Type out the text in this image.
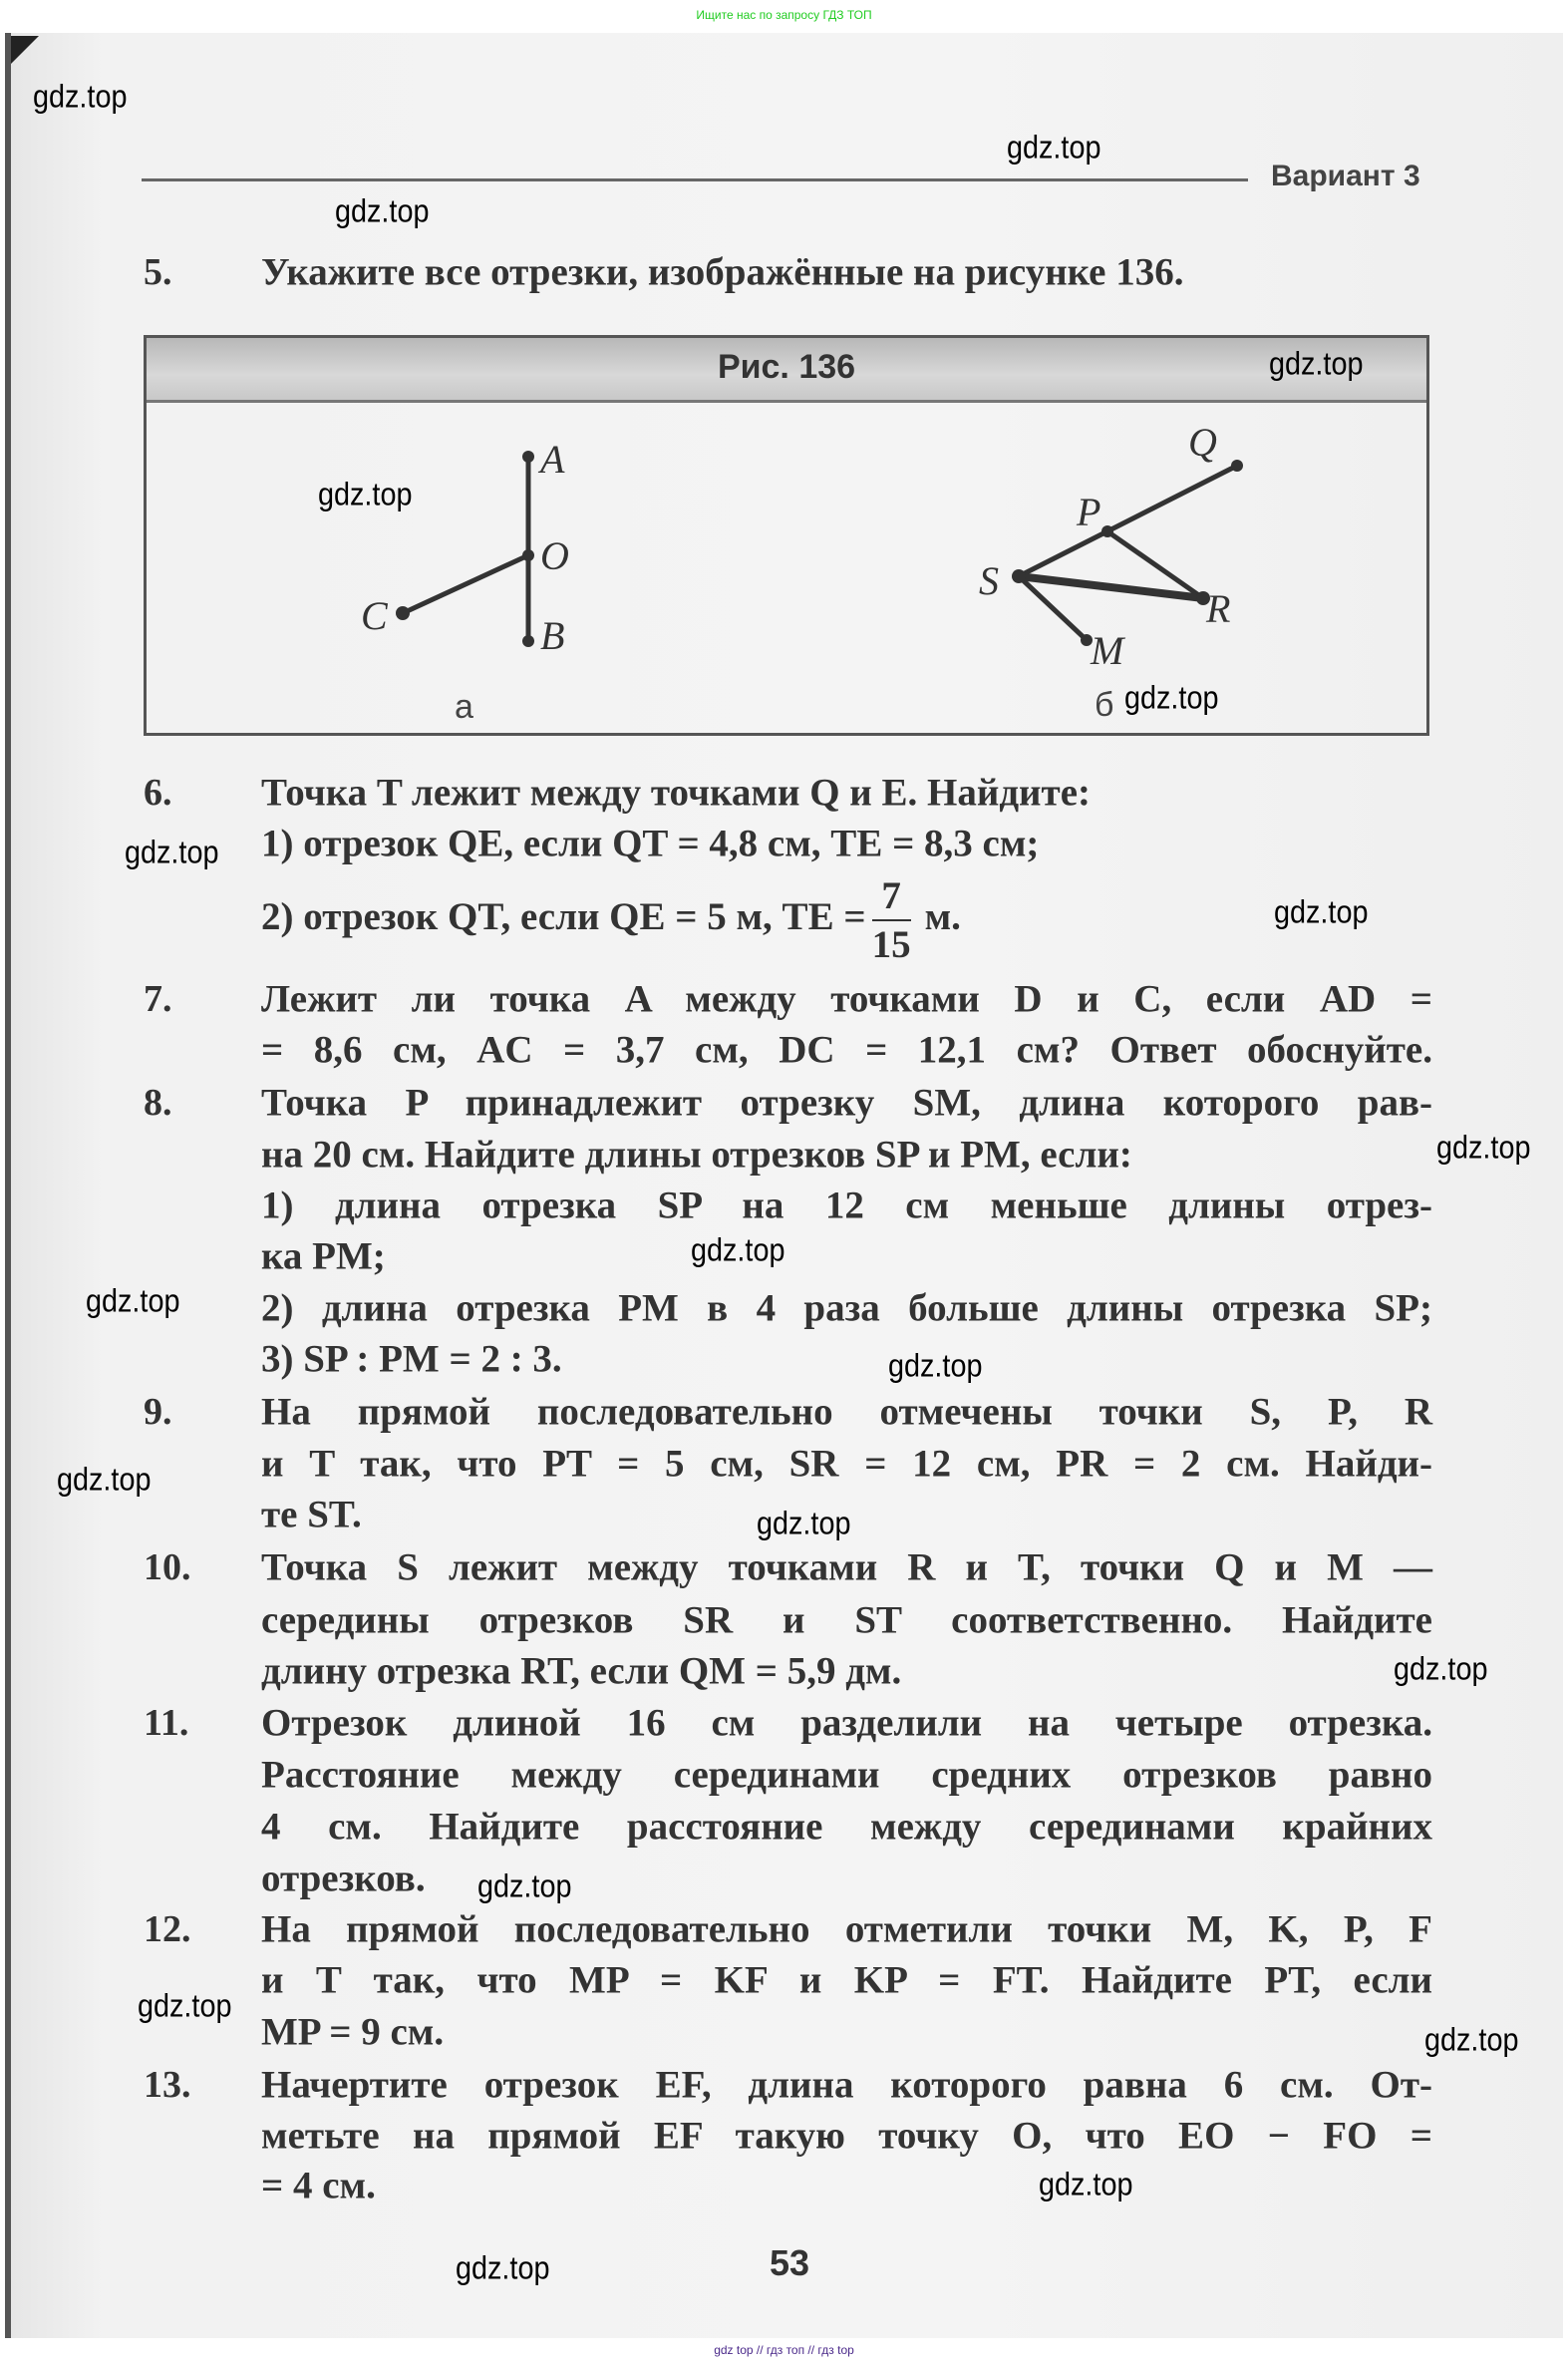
Ищите нас по запросу ГДЗ ТОП
Вариант 3
5. Укажите все отрезки, изображённые на рисунке 136.
Рис. 136
A
O
B
C
а
Q
P
S
R
M
б
6. Точка T лежит между точками Q и E. Найдите:
1) отрезок QE, если QT = 4,8 см, TE = 8,3 см;
2) отрезок QT, если QE = 5 м, TE = $\frac{7}{15} м$.
7. Лежит ли точка A между точками D и C, если AD =
= 8,6 см, AC = 3,7 см, DC = 12,1 см? Ответ обоснуйте.
8. Точка P принадлежит отрезку SM, длина которого рав-
на 20 см. Найдите длины отрезков SP и PM, если:
1) длина отрезка SP на 12 см меньше длины отрез-
ка PM;
2) длина отрезка PM в 4 раза больше длины отрезка SP;
3) SP : PM = 2 : 3.
9. На прямой последовательно отмечены точки S, P, R
и T так, что PT = 5 см, SR = 12 см, PR = 2 см. Найди-
те ST.
10. Точка S лежит между точками R и T, точки Q и M —
середины отрезков SR и ST соответственно. Найдите
длину отрезка RT, если QM = 5,9 дм.
11. Отрезок длиной 16 см разделили на четыре отрезка.
Расстояние между серединами средних отрезков равно
4 см. Найдите расстояние между серединами крайних
отрезков.
12. На прямой последовательно отметили точки M, K, P, F
и T так, что MP = KF и KP = FT. Найдите PT, если
MP = 9 см.
13. Начертите отрезок EF, длина которого равна 6 см. От-
метьте на прямой EF такую точку O, что EO − FO =
= 4 см.
53
gdz.top
gdz.top
gdz.top
gdz.top
gdz.top
gdz.top
gdz.top
gdz.top
gdz.top
gdz.top
gdz.top
gdz.top
gdz.top
gdz.top
gdz.top
gdz.top
gdz.top
gdz.top
gdz.top
gdz.top
gdz top // гдз топ // гдз top
